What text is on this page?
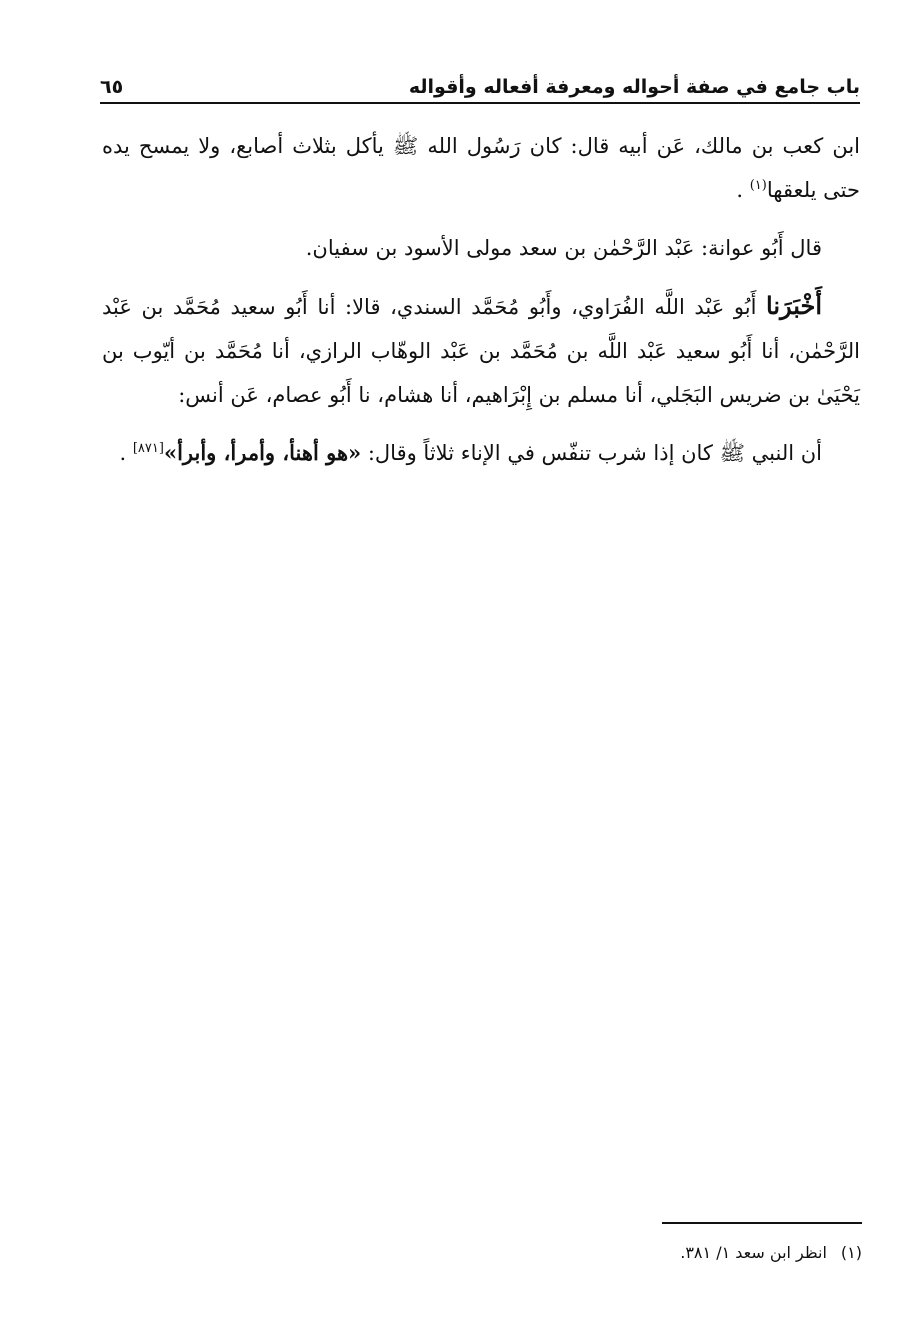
باب جامع في صفة أحواله ومعرفة أفعاله وأقواله
٦٥

ابن كعب بن مالك، عَن أبيه قال: كان رَسُول الله ﷺ يأكل بثلاث أصابع، ولا يمسح يده حتى يلعقها$^{(١)}$ .

قال أَبُو عوانة: عَبْد الرَّحْمٰن بن سعد مولى الأسود بن سفيان.

أَخْبَرَنا أَبُو عَبْد اللَّه الفُرَاوي، وأَبُو مُحَمَّد السندي، قالا: أنا أَبُو سعيد مُحَمَّد بن عَبْد الرَّحْمٰن، أنا أَبُو سعيد عَبْد اللَّه بن مُحَمَّد بن عَبْد الوهّاب الرازي، أنا مُحَمَّد بن أيّوب بن يَحْيَىٰ بن ضريس البَجَلي، أنا مسلم بن إِبْرَاهيم، أنا هشام، نا أَبُو عصام، عَن أنس:

أن النبي ﷺ كان إذا شرب تنفّس في الإناء ثلاثاً وقال: «هو أهنأ، وأمرأ، وأبرأ»[٨٧١] .

(١)انظر ابن سعد ١/ ٣٨١.
